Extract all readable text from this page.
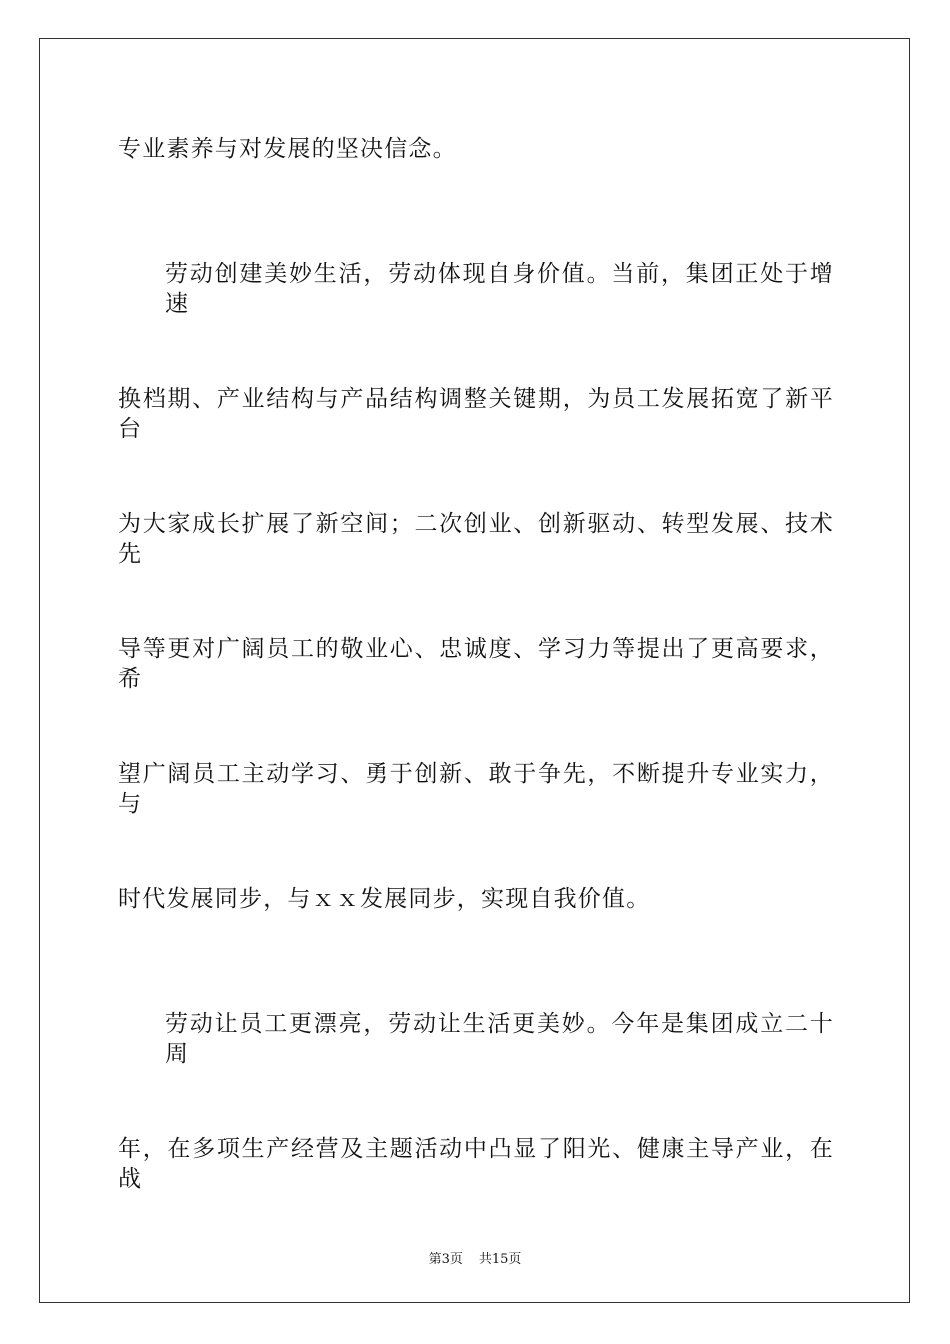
专业素养与对发展的坚决信念。
劳动创建美妙生活，劳动体现自身价值。当前，集团正处于增速
换档期、产业结构与产品结构调整关键期，为员工发展拓宽了新平台
为大家成长扩展了新空间；二次创业、创新驱动、转型发展、技术先
导等更对广阔员工的敬业心、忠诚度、学习力等提出了更高要求，希
望广阔员工主动学习、勇于创新、敢于争先，不断提升专业实力，与
时代发展同步，与ｘｘ发展同步，实现自我价值。
劳动让员工更漂亮，劳动让生活更美妙。今年是集团成立二十周
年，在多项生产经营及主题活动中凸显了阳光、健康主导产业，在战
第3页 共15页
